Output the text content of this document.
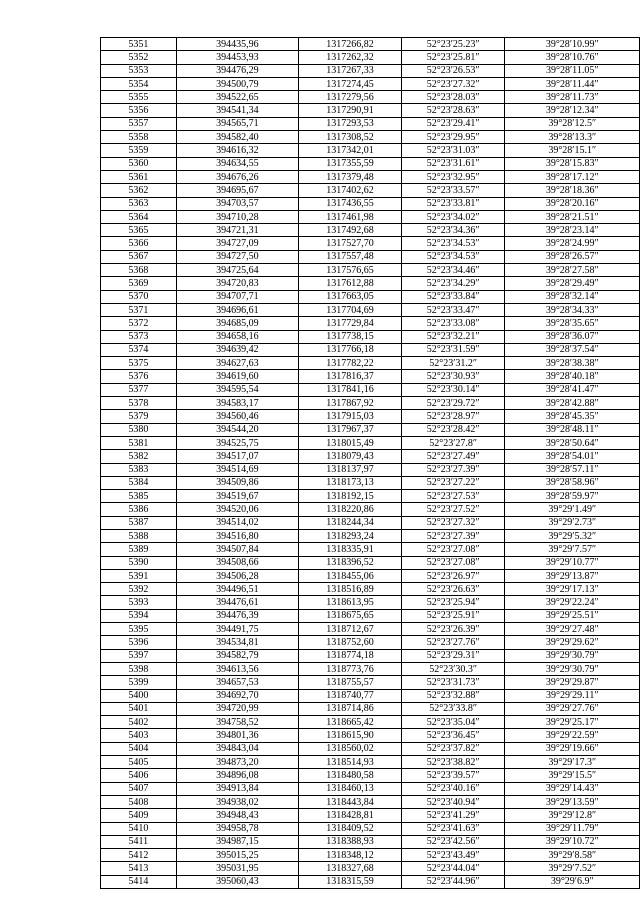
5351	394435,96	1317266,82	52°23′25.23″	39°28′10.99″
5352	394453,93	1317262,32	52°23′25.81″	39°28′10.76″
5353	394476,29	1317267,33	52°23′26.53″	39°28′11.05″
5354	394500,79	1317274,45	52°23′27.32″	39°28′11.44″
5355	394522,65	1317279,56	52°23′28.03″	39°28′11.73″
5356	394541,34	1317290,91	52°23′28.63″	39°28′12.34″
5357	394565,71	1317293,53	52°23′29.41″	39°28′12.5″
5358	394582,40	1317308,52	52°23′29.95″	39°28′13.3″
5359	394616,32	1317342,01	52°23′31.03″	39°28′15.1″
5360	394634,55	1317355,59	52°23′31.61″	39°28′15.83″
5361	394676,26	1317379,48	52°23′32.95″	39°28′17.12″
5362	394695,67	1317402,62	52°23′33.57″	39°28′18.36″
5363	394703,57	1317436,55	52°23′33.81″	39°28′20.16″
5364	394710,28	1317461,98	52°23′34.02″	39°28′21.51″
5365	394721,31	1317492,68	52°23′34.36″	39°28′23.14″
5366	394727,09	1317527,70	52°23′34.53″	39°28′24.99″
5367	394727,50	1317557,48	52°23′34.53″	39°28′26.57″
5368	394725,64	1317576,65	52°23′34.46″	39°28′27.58″
5369	394720,83	1317612,88	52°23′34.29″	39°28′29.49″
5370	394707,71	1317663,05	52°23′33.84″	39°28′32.14″
5371	394696,61	1317704,69	52°23′33.47″	39°28′34.33″
5372	394685,09	1317729,84	52°23′33.08″	39°28′35.65″
5373	394658,16	1317738,15	52°23′32.21″	39°28′36.07″
5374	394639,42	1317766,18	52°23′31.59″	39°28′37.54″
5375	394627,63	1317782,22	52°23′31.2″	39°28′38.38″
5376	394619,60	1317816,37	52°23′30.93″	39°28′40.18″
5377	394595,54	1317841,16	52°23′30.14″	39°28′41.47″
5378	394583,17	1317867,92	52°23′29.72″	39°28′42.88″
5379	394560,46	1317915,03	52°23′28.97″	39°28′45.35″
5380	394544,20	1317967,37	52°23′28.42″	39°28′48.11″
5381	394525,75	1318015,49	52°23′27.8″	39°28′50.64″
5382	394517,07	1318079,43	52°23′27.49″	39°28′54.01″
5383	394514,69	1318137,97	52°23′27.39″	39°28′57.11″
5384	394509,86	1318173,13	52°23′27.22″	39°28′58.96″
5385	394519,67	1318192,15	52°23′27.53″	39°28′59.97″
5386	394520,06	1318220,86	52°23′27.52″	39°29′1.49″
5387	394514,02	1318244,34	52°23′27.32″	39°29′2.73″
5388	394516,80	1318293,24	52°23′27.39″	39°29′5.32″
5389	394507,84	1318335,91	52°23′27.08″	39°29′7.57″
5390	394508,66	1318396,52	52°23′27.08″	39°29′10.77″
5391	394506,28	1318455,06	52°23′26.97″	39°29′13.87″
5392	394496,51	1318516,89	52°23′26.63″	39°29′17.13″
5393	394476,61	1318613,95	52°23′25.94″	39°29′22.24″
5394	394476,39	1318675,65	52°23′25.91″	39°29′25.51″
5395	394491,75	1318712,67	52°23′26.39″	39°29′27.48″
5396	394534,81	1318752,60	52°23′27.76″	39°29′29.62″
5397	394582,79	1318774,18	52°23′29.31″	39°29′30.79″
5398	394613,56	1318773,76	52°23′30.3″	39°29′30.79″
5399	394657,53	1318755,57	52°23′31.73″	39°29′29.87″
5400	394692,70	1318740,77	52°23′32.88″	39°29′29.11″
5401	394720,99	1318714,86	52°23′33.8″	39°29′27.76″
5402	394758,52	1318665,42	52°23′35.04″	39°29′25.17″
5403	394801,36	1318615,90	52°23′36.45″	39°29′22.59″
5404	394843,04	1318560,02	52°23′37.82″	39°29′19.66″
5405	394873,20	1318514,93	52°23′38.82″	39°29′17.3″
5406	394896,08	1318480,58	52°23′39.57″	39°29′15.5″
5407	394913,84	1318460,13	52°23′40.16″	39°29′14.43″
5408	394938,02	1318443,84	52°23′40.94″	39°29′13.59″
5409	394948,43	1318428,81	52°23′41.29″	39°29′12.8″
5410	394958,78	1318409,52	52°23′41.63″	39°29′11.79″
5411	394987,15	1318388,93	52°23′42.56″	39°29′10.72″
5412	395015,25	1318348,12	52°23′43.49″	39°29′8.58″
5413	395031,95	1318327,68	52°23′44.04″	39°29′7.52″
5414	395060,43	1318315,59	52°23′44.96″	39°29′6.9″
